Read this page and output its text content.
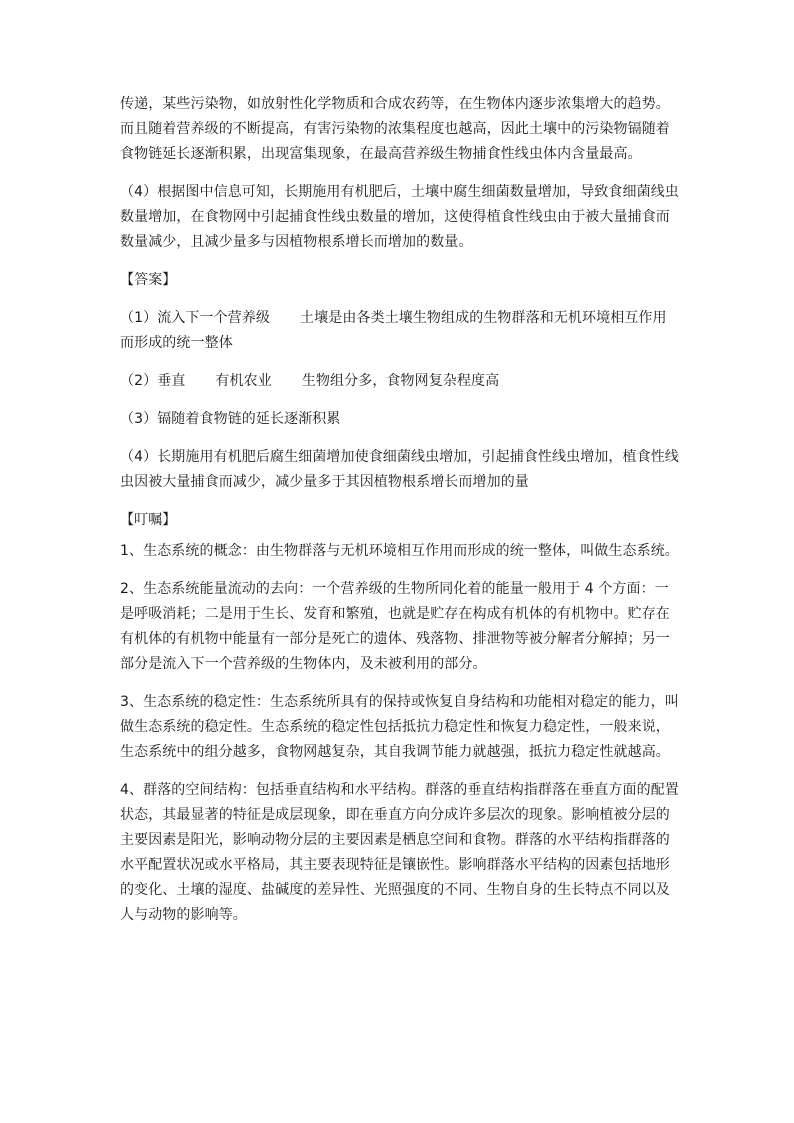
传递，某些污染物，如放射性化学物质和合成农药等，在生物体内逐步浓集增大的趋势。而且随着营养级的不断提高，有害污染物的浓集程度也越高，因此土壤中的污染物镉随着食物链延长逐渐积累，出现富集现象，在最高营养级生物捕食性线虫体内含量最高。

（4）根据图中信息可知，长期施用有机肥后，土壤中腐生细菌数量增加，导致食细菌线虫数量增加，在食物网中引起捕食性线虫数量的增加，这使得植食性线虫由于被大量捕食而数量减少，且减少量多与因植物根系增长而增加的数量。

【答案】

（1）流入下一个营养级 土壤是由各类土壤生物组成的生物群落和无机环境相互作用而形成的统一整体

（2）垂直 有机农业 生物组分多，食物网复杂程度高

（3）镉随着食物链的延长逐渐积累

（4）长期施用有机肥后腐生细菌增加使食细菌线虫增加，引起捕食性线虫增加，植食性线虫因被大量捕食而减少，减少量多于其因植物根系增长而增加的量

【叮嘱】

1、生态系统的概念：由生物群落与无机环境相互作用而形成的统一整体，叫做生态系统。

2、生态系统能量流动的去向：一个营养级的生物所同化着的能量一般用于 4 个方面：一是呼吸消耗；二是用于生长、发育和繁殖，也就是贮存在构成有机体的有机物中。贮存在有机体的有机物中能量有一部分是死亡的遗体、残落物、排泄物等被分解者分解掉；另一部分是流入下一个营养级的生物体内，及未被利用的部分。

3、生态系统的稳定性：生态系统所具有的保持或恢复自身结构和功能相对稳定的能力，叫做生态系统的稳定性。生态系统的稳定性包括抵抗力稳定性和恢复力稳定性，一般来说，生态系统中的组分越多，食物网越复杂，其自我调节能力就越强，抵抗力稳定性就越高。

4、群落的空间结构：包括垂直结构和水平结构。群落的垂直结构指群落在垂直方面的配置状态，其最显著的特征是成层现象，即在垂直方向分成许多层次的现象。影响植被分层的主要因素是阳光，影响动物分层的主要因素是栖息空间和食物。群落的水平结构指群落的水平配置状况或水平格局，其主要表现特征是镶嵌性。影响群落水平结构的因素包括地形的变化、土壤的湿度、盐碱度的差异性、光照强度的不同、生物自身的生长特点不同以及人与动物的影响等。
